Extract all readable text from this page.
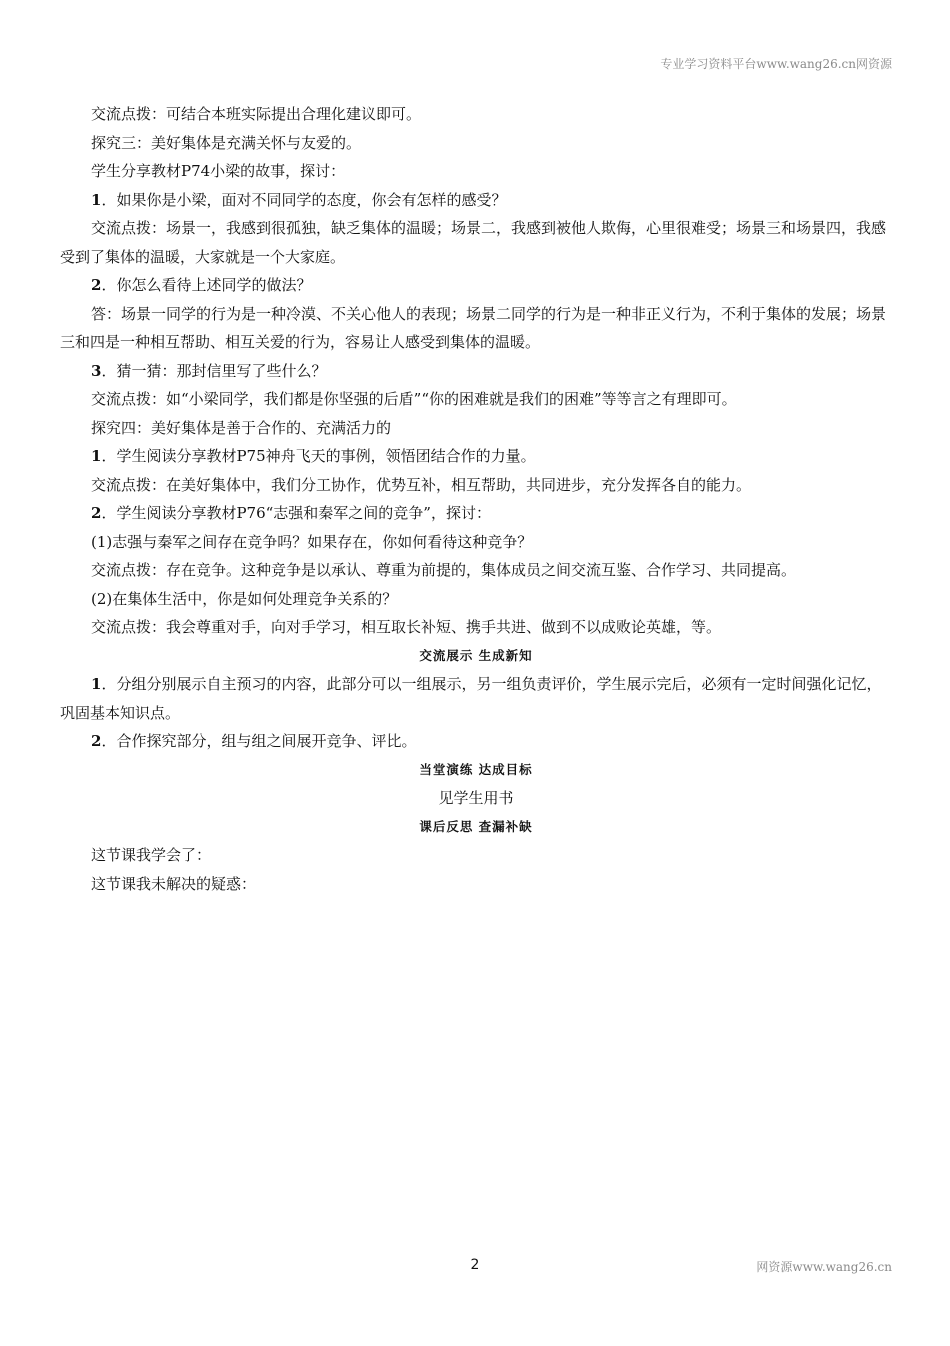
专业学习资料平台www.wang26.cn网资源

交流点拨：可结合本班实际提出合理化建议即可。

探究三：美好集体是充满关怀与友爱的。

学生分享教材P74小梁的故事，探讨：

1．如果你是小梁，面对不同同学的态度，你会有怎样的感受？

交流点拨：场景一，我感到很孤独，缺乏集体的温暖；场景二，我感到被他人欺侮，心里很难受；场景三和场景四，我感受到了集体的温暖，大家就是一个大家庭。

2．你怎么看待上述同学的做法？

答：场景一同学的行为是一种冷漠、不关心他人的表现；场景二同学的行为是一种非正义行为，不利于集体的发展；场景三和四是一种相互帮助、相互关爱的行为，容易让人感受到集体的温暖。

3．猜一猜：那封信里写了些什么？

交流点拨：如“小梁同学，我们都是你坚强的后盾”“你的困难就是我们的困难”等等言之有理即可。

探究四：美好集体是善于合作的、充满活力的

1．学生阅读分享教材P75神舟飞天的事例，领悟团结合作的力量。

交流点拨：在美好集体中，我们分工协作，优势互补，相互帮助，共同进步，充分发挥各自的能力。

2．学生阅读分享教材P76“志强和秦军之间的竞争”，探讨：

(1)志强与秦军之间存在竞争吗？如果存在，你如何看待这种竞争？

交流点拨：存在竞争。这种竞争是以承认、尊重为前提的，集体成员之间交流互鉴、合作学习、共同提高。

(2)在集体生活中，你是如何处理竞争关系的？

交流点拨：我会尊重对手，向对手学习，相互取长补短、携手共进、做到不以成败论英雄，等。

交流展示 生成新知

1．分组分别展示自主预习的内容，此部分可以一组展示，另一组负责评价，学生展示完后，必须有一定时间强化记忆，巩固基本知识点。

2．合作探究部分，组与组之间展开竞争、评比。

当堂演练 达成目标

见学生用书

课后反思 查漏补缺

这节课我学会了：

这节课我未解决的疑惑：

2	网资源www.wang26.cn
